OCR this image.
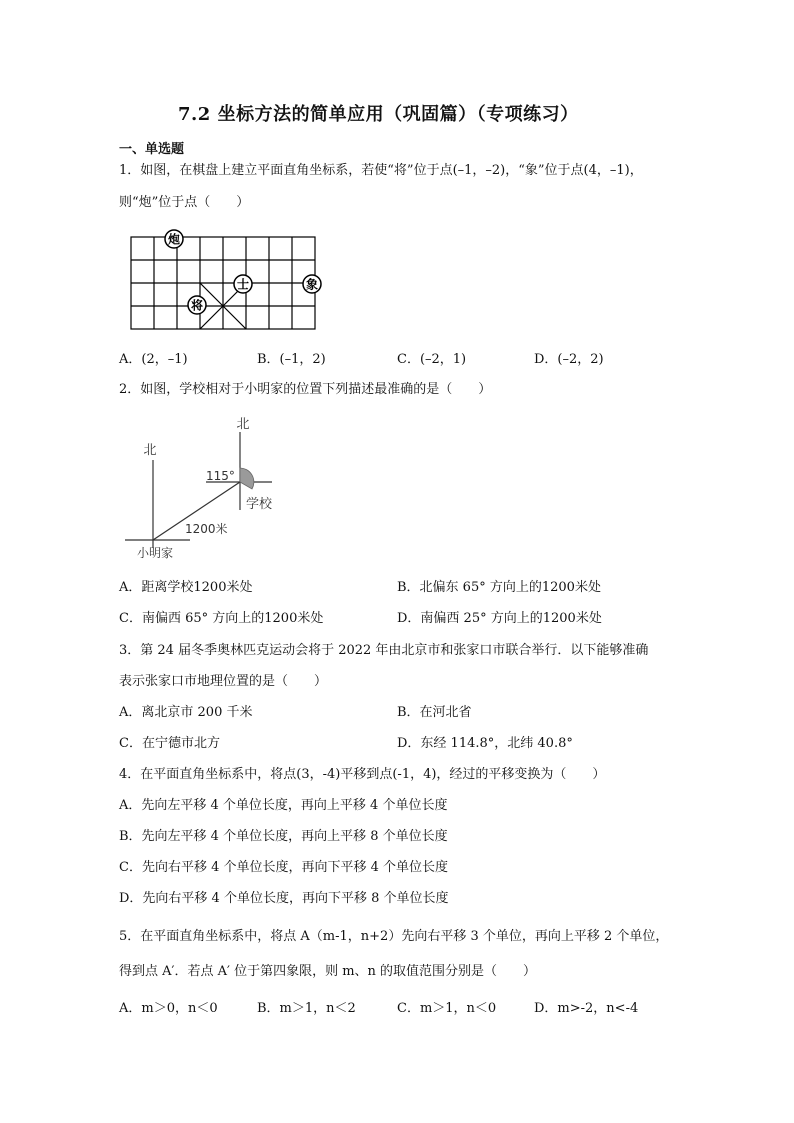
7.2 坐标方法的简单应用（巩固篇）（专项练习）
一、单选题
1．如图，在棋盘上建立平面直角坐标系，若使“将”位于点(–1，–2)，“象”位于点(4，–1)，
则“炮”位于点（　　）
炮
士
将
象
A．(2，–1)	B．(–1，2)	C．(–2，1)	D．(–2，2)
2．如图，学校相对于小明家的位置下列描述最准确的是（　　）
北
北
115°
学校
1200米
小明家
A．距离学校1200米处	B．北偏东 65° 方向上的1200米处
C．南偏西 65° 方向上的1200米处	D．南偏西 25° 方向上的1200米处
3．第 24 届冬季奥林匹克运动会将于 2022 年由北京市和张家口市联合举行．以下能够准确
表示张家口市地理位置的是（　　）
A．离北京市 200 千米	B．在河北省
C．在宁德市北方	D．东经 114.8°，北纬 40.8°
4．在平面直角坐标系中，将点(3，-4)平移到点(-1，4)，经过的平移变换为（　　）
A．先向左平移 4 个单位长度，再向上平移 4 个单位长度
B．先向左平移 4 个单位长度，再向上平移 8 个单位长度
C．先向右平移 4 个单位长度，再向下平移 4 个单位长度
D．先向右平移 4 个单位长度，再向下平移 8 个单位长度
5．在平面直角坐标系中，将点 A（m-1，n+2）先向右平移 3 个单位，再向上平移 2 个单位，
得到点 A′．若点 A′ 位于第四象限，则 m、n 的取值范围分别是（　　）
A．m＞0，n＜0	B．m＞1，n＜2	C．m＞1，n＜0	D．m>-2，n<-4
